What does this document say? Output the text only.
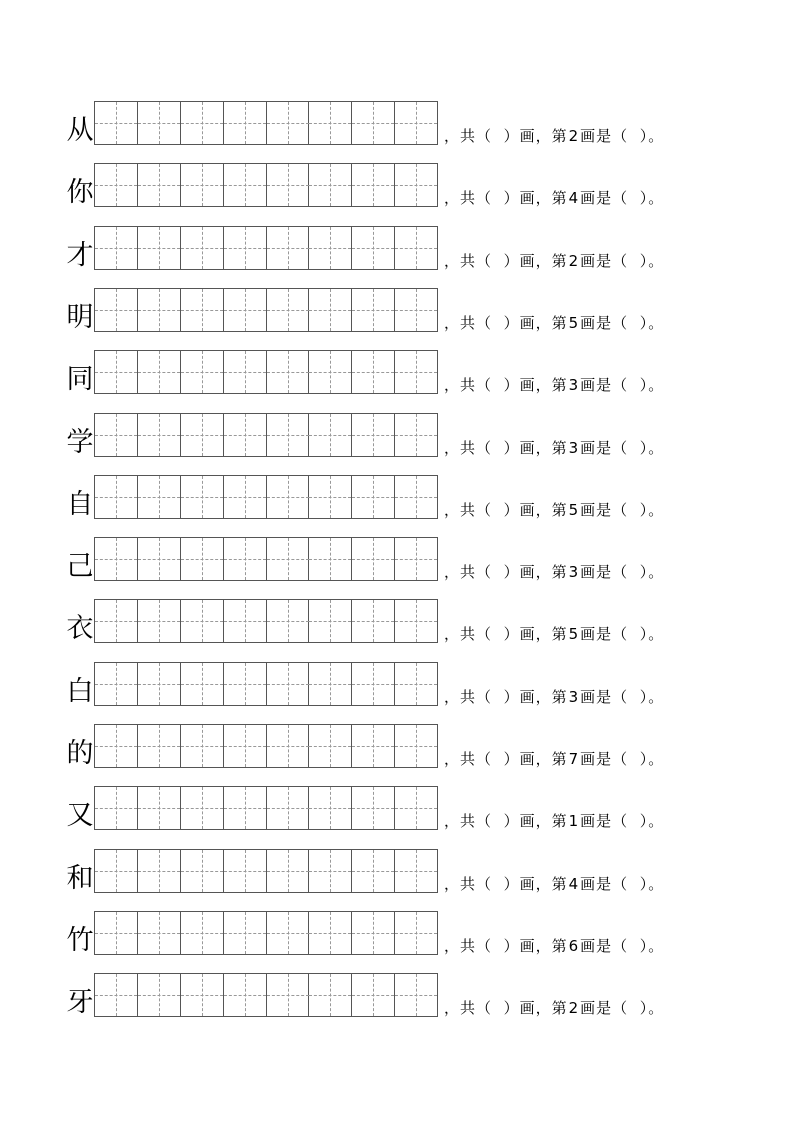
从	，共（ ）画，第2画是（ ）。
你	，共（ ）画，第4画是（ ）。
才	，共（ ）画，第2画是（ ）。
明	，共（ ）画，第5画是（ ）。
同	，共（ ）画，第3画是（ ）。
学	，共（ ）画，第3画是（ ）。
自	，共（ ）画，第5画是（ ）。
己	，共（ ）画，第3画是（ ）。
衣	，共（ ）画，第5画是（ ）。
白	，共（ ）画，第3画是（ ）。
的	，共（ ）画，第7画是（ ）。
又	，共（ ）画，第1画是（ ）。
和	，共（ ）画，第4画是（ ）。
竹	，共（ ）画，第6画是（ ）。
牙	，共（ ）画，第2画是（ ）。
